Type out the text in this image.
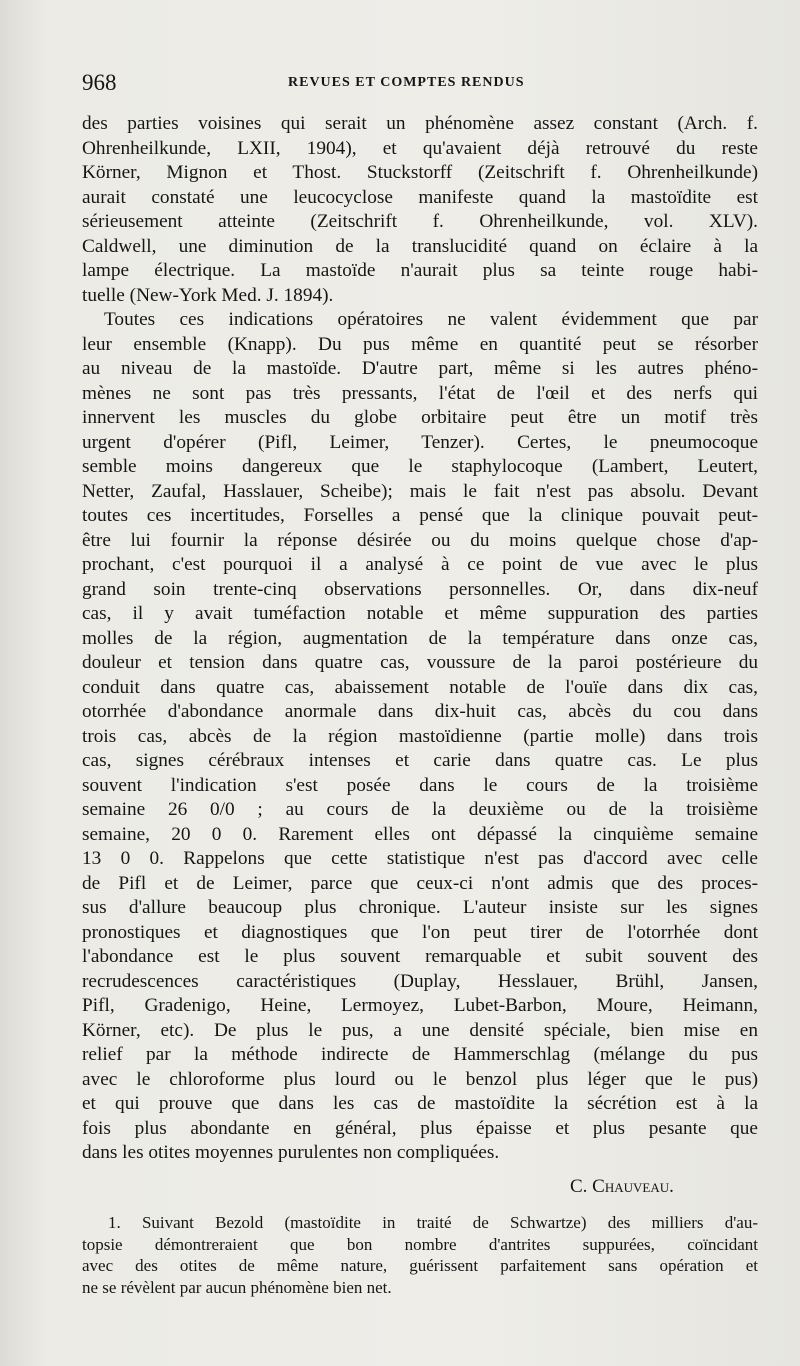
968	REVUES ET COMPTES RENDUS
des parties voisines qui serait un phénomène assez constant (Arch. f.
Ohrenheilkunde, LXII, 1904), et qu'avaient déjà retrouvé du reste
Körner, Mignon et Thost. Stuckstorff (Zeitschrift f. Ohrenheilkunde)
aurait constaté une leucocyclose manifeste quand la mastoïdite est
sérieusement atteinte (Zeitschrift f. Ohrenheilkunde, vol. XLV).
Caldwell, une diminution de la translucidité quand on éclaire à la
lampe électrique. La mastoïde n'aurait plus sa teinte rouge habi-
tuelle (New-York Med. J. 1894).
Toutes ces indications opératoires ne valent évidemment que par
leur ensemble (Knapp). Du pus même en quantité peut se résorber
au niveau de la mastoïde. D'autre part, même si les autres phéno-
mènes ne sont pas très pressants, l'état de l'œil et des nerfs qui
innervent les muscles du globe orbitaire peut être un motif très
urgent d'opérer (Pifl, Leimer, Tenzer). Certes, le pneumocoque
semble moins dangereux que le staphylocoque (Lambert, Leutert,
Netter, Zaufal, Hasslauer, Scheibe); mais le fait n'est pas absolu. Devant
toutes ces incertitudes, Forselles a pensé que la clinique pouvait peut-
être lui fournir la réponse désirée ou du moins quelque chose d'ap-
prochant, c'est pourquoi il a analysé à ce point de vue avec le plus
grand soin trente-cinq observations personnelles. Or, dans dix-neuf
cas, il y avait tuméfaction notable et même suppuration des parties
molles de la région, augmentation de la température dans onze cas,
douleur et tension dans quatre cas, voussure de la paroi postérieure du
conduit dans quatre cas, abaissement notable de l'ouïe dans dix cas,
otorrhée d'abondance anormale dans dix-huit cas, abcès du cou dans
trois cas, abcès de la région mastoïdienne (partie molle) dans trois
cas, signes cérébraux intenses et carie dans quatre cas. Le plus
souvent l'indication s'est posée dans le cours de la troisième
semaine 26 0/0 ; au cours de la deuxième ou de la troisième
semaine, 20 0 0. Rarement elles ont dépassé la cinquième semaine
13 0 0. Rappelons que cette statistique n'est pas d'accord avec celle
de Pifl et de Leimer, parce que ceux-ci n'ont admis que des proces-
sus d'allure beaucoup plus chronique. L'auteur insiste sur les signes
pronostiques et diagnostiques que l'on peut tirer de l'otorrhée dont
l'abondance est le plus souvent remarquable et subit souvent des
recrudescences caractéristiques (Duplay, Hesslauer, Brühl, Jansen,
Pifl, Gradenigo, Heine, Lermoyez, Lubet-Barbon, Moure, Heimann,
Körner, etc). De plus le pus, a une densité spéciale, bien mise en
relief par la méthode indirecte de Hammerschlag (mélange du pus
avec le chloroforme plus lourd ou le benzol plus léger que le pus)
et qui prouve que dans les cas de mastoïdite la sécrétion est à la
fois plus abondante en général, plus épaisse et plus pesante que
dans les otites moyennes purulentes non compliquées.
C. Chauveau.
1. Suivant Bezold (mastoïdite in traité de Schwartze) des milliers d'au-
topsie démontreraient que bon nombre d'antrites suppurées, coïncidant
avec des otites de même nature, guérissent parfaitement sans opération et
ne se révèlent par aucun phénomène bien net.
